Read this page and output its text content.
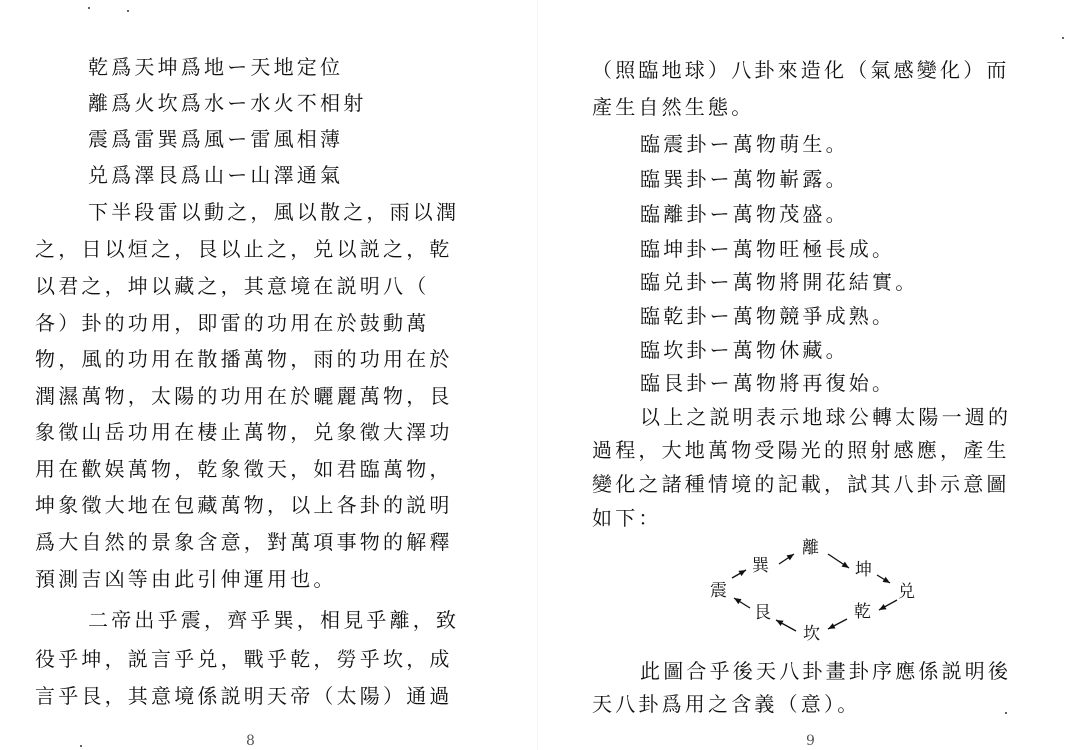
乾爲天坤爲地ー天地定位
離爲火坎爲水ー水火不相射
震爲雷巽爲風ー雷風相薄
兑爲澤艮爲山ー山澤通氣
下半段雷以動之，風以散之，雨以潤
之，日以烜之，艮以止之，兑以説之，乾
以君之，坤以藏之，其意境在説明八（
各）卦的功用，即雷的功用在於鼓動萬
物，風的功用在散播萬物，雨的功用在於
潤濕萬物，太陽的功用在於曬麗萬物，艮
象徵山岳功用在棲止萬物，兑象徵大澤功
用在歡娱萬物，乾象徵天，如君臨萬物，
坤象徵大地在包藏萬物，以上各卦的説明
爲大自然的景象含意，對萬項事物的解釋
預測吉凶等由此引伸運用也。
二帝出乎震，齊乎巽，相見乎離，致
役乎坤，説言乎兑，戰乎乾，勞乎坎，成
言乎艮，其意境係説明天帝（太陽）通過
8
（照臨地球）八卦來造化（氣感變化）而
產生自然生態。
臨震卦ー萬物萌生。
臨巽卦ー萬物嶄露。
臨離卦ー萬物茂盛。
臨坤卦ー萬物旺極長成。
臨兑卦ー萬物將開花結實。
臨乾卦ー萬物競爭成熟。
臨坎卦ー萬物休藏。
臨艮卦ー萬物將再復始。
以上之説明表示地球公轉太陽一週的
過程，大地萬物受陽光的照射感應，產生
變化之諸種情境的記載，試其八卦示意圖
如下：
此圖合乎後天八卦畫卦序應係説明後
天八卦爲用之含義（意）。
9
震
巽
離
坤
兑
乾
坎
艮
